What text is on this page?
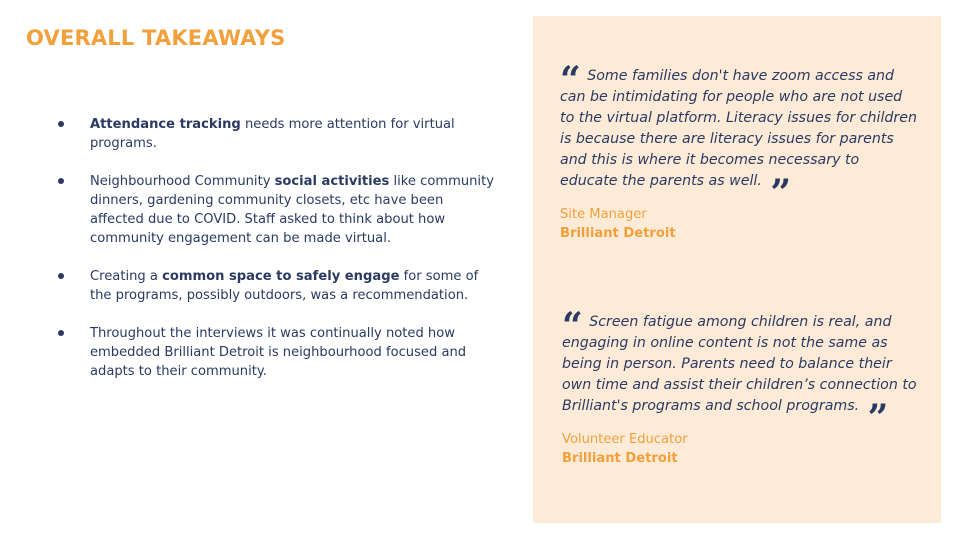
OVERALL TAKEAWAYS
Attendance tracking needs more attention for virtual programs.
Neighbourhood Community social activities like community dinners, gardening community closets, etc have been affected due to COVID. Staff asked to think about how community engagement can be made virtual.
Creating a common space to safely engage for some of the programs, possibly outdoors, was a recommendation.
Throughout the interviews it was continually noted how embedded Brilliant Detroit is neighbourhood focused and adapts to their community.
“ Some families don't have zoom access and can be intimidating for people who are not used to the virtual platform. Literacy issues for children is because there are literacy issues for parents and this is where it becomes necessary to educate the parents as well. ”
Site Manager
Brilliant Detroit
“ Screen fatigue among children is real, and engaging in online content is not the same as being in person. Parents need to balance their own time and assist their children’s connection to Brilliant's programs and school programs. ”
Volunteer Educator
Brilliant Detroit
